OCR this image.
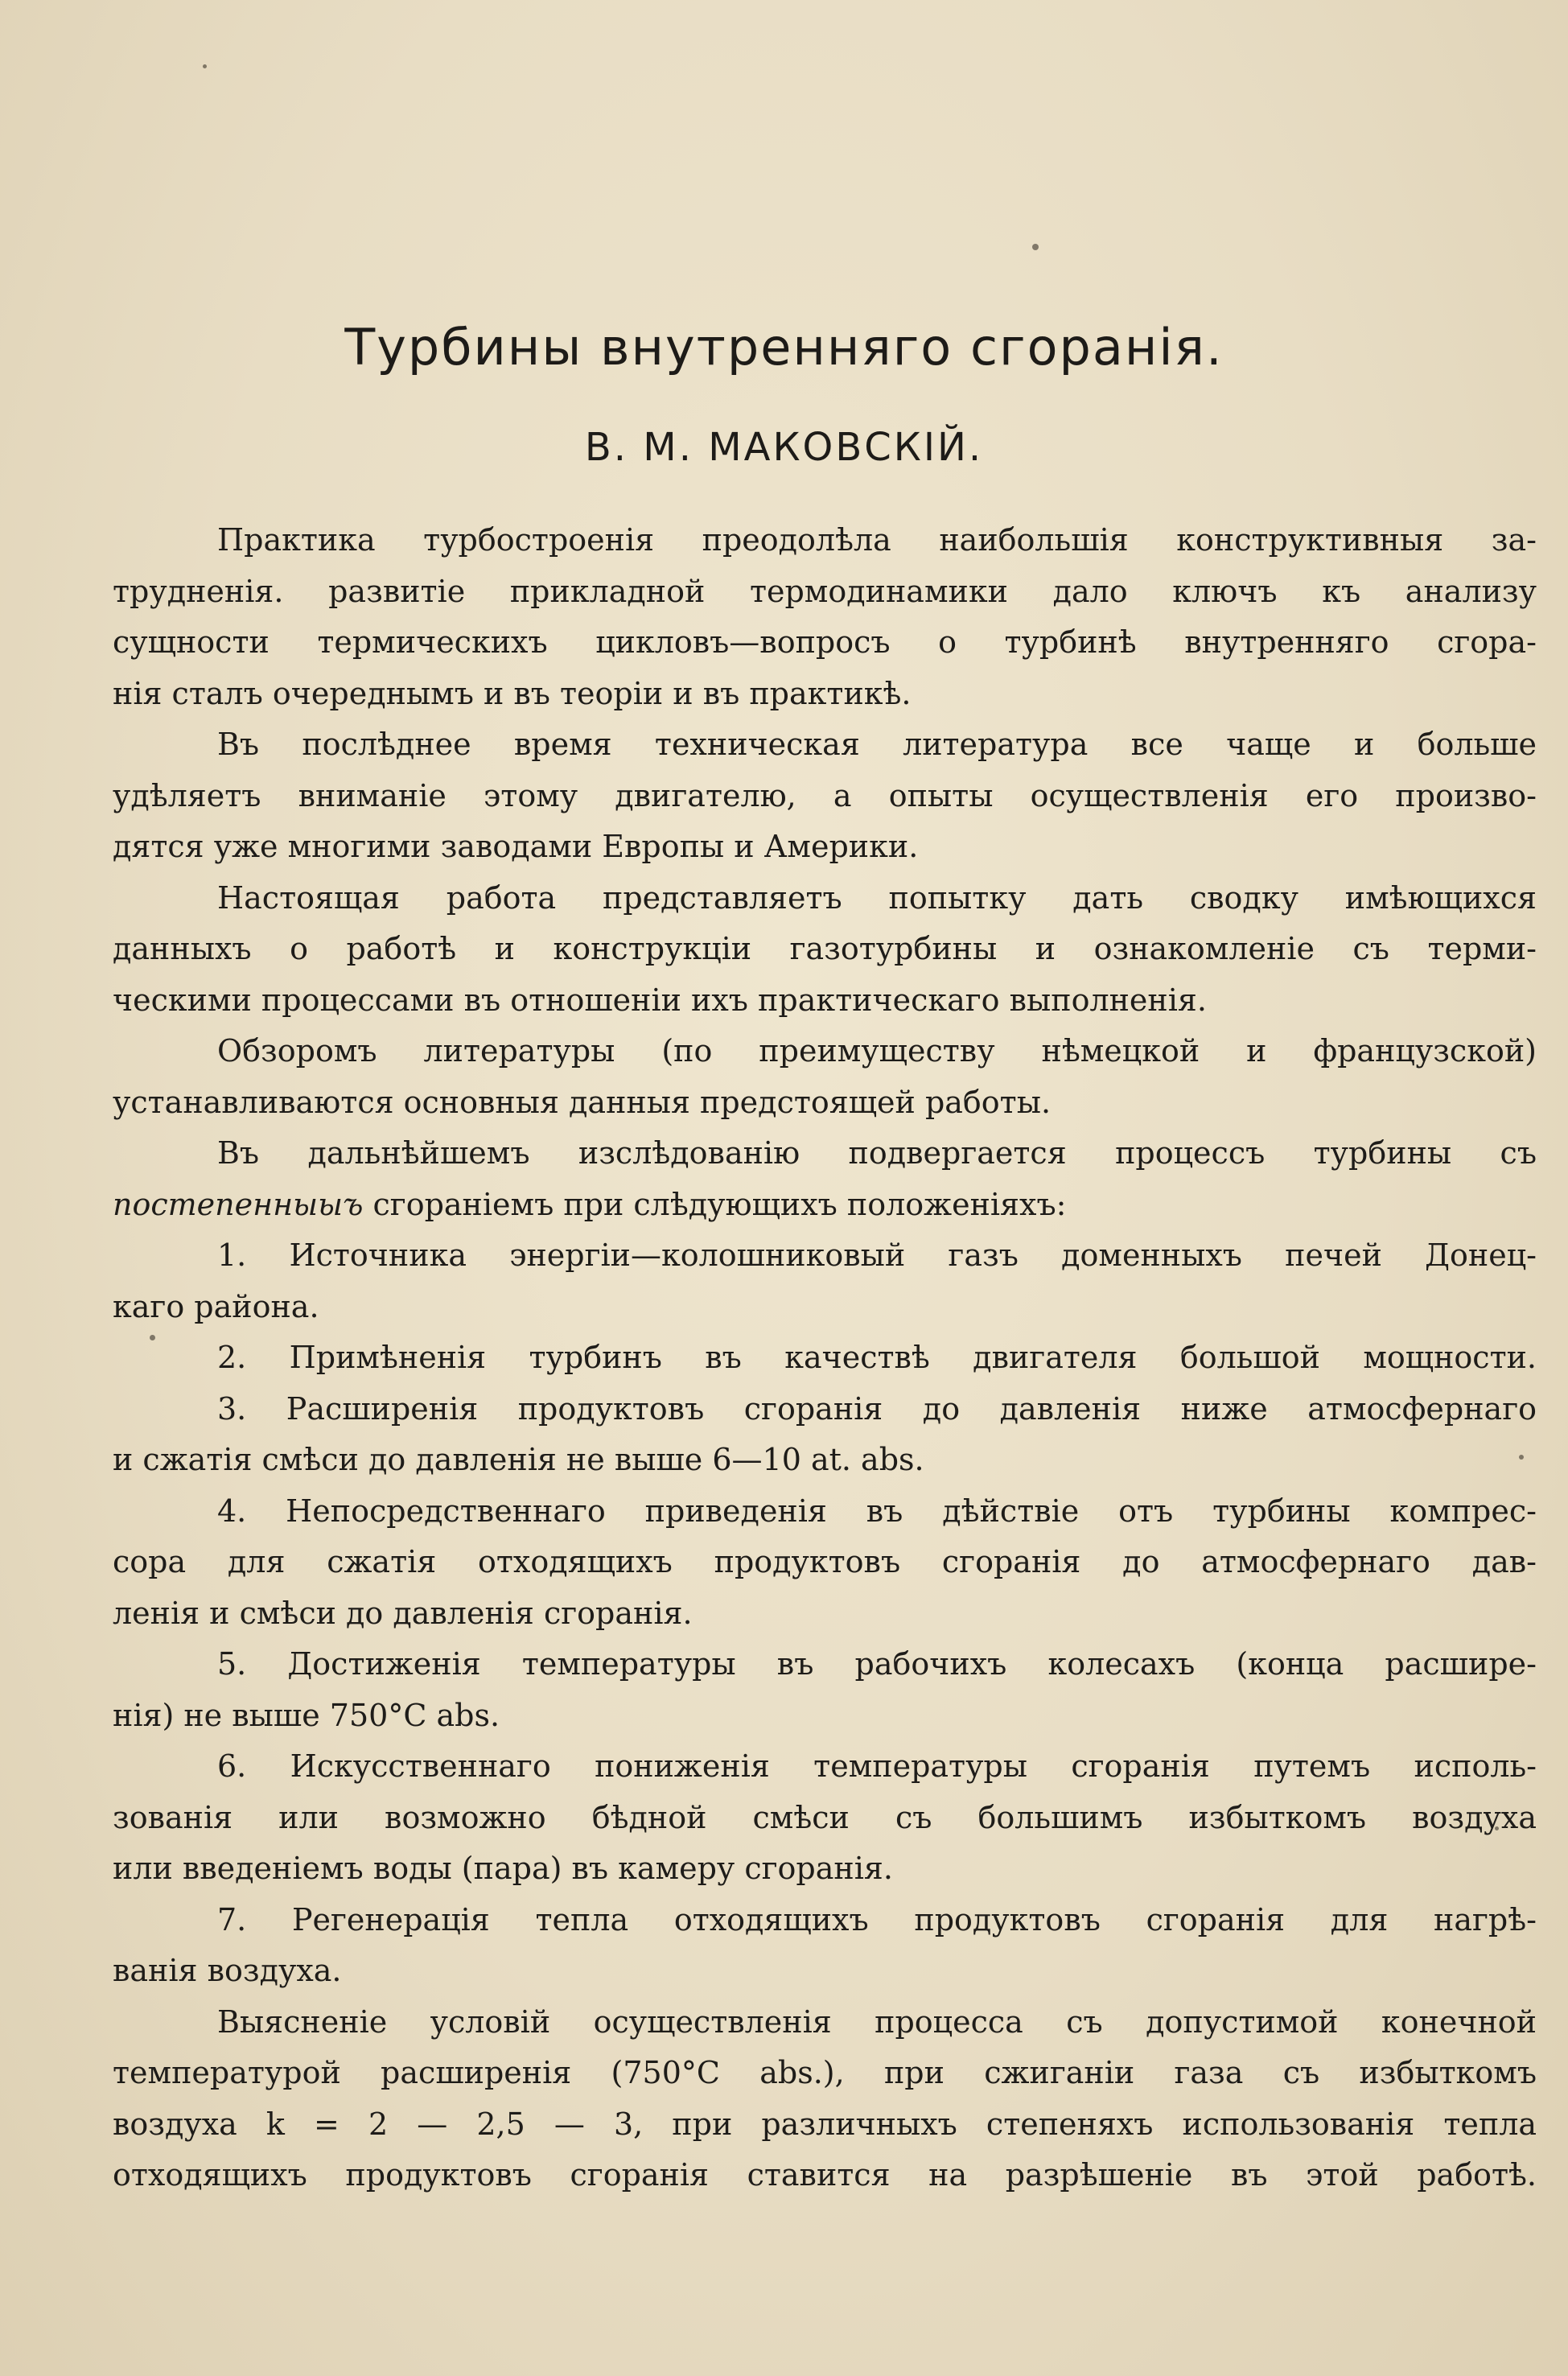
Турбины внутренняго сгоранія.
В. М. МАКОВСКІЙ.
Практика турбостроенія преодолѣла наибольшія конструктивныя за-
трудненія. развитіе прикладной термодинамики дало ключъ къ анализу
сущности термическихъ цикловъ—вопросъ о турбинѣ внутренняго сгора-
нія сталъ очереднымъ и въ теоріи и въ практикѣ.
Въ послѣднее время техническая литература все чаще и больше
удѣляетъ вниманіе этому двигателю, а опыты осуществленія его произво-
дятся уже многими заводами Европы и Америки.
Настоящая работа представляетъ попытку дать сводку имѣющихся
данныхъ о работѣ и конструкціи газотурбины и ознакомленіе съ терми-
ческими процессами въ отношеніи ихъ практическаго выполненія.
Обзоромъ литературы (по преимуществу нѣмецкой и французской)
устанавливаются основныя данныя предстоящей работы.
Въ дальнѣйшемъ изслѣдованію подвергается процессъ турбины съ
постепенныыъ сгораніемъ при слѣдующихъ положеніяхъ:
1. Источника энергіи—колошниковый газъ доменныхъ печей Донец-
каго района.
2. Примѣненія турбинъ въ качествѣ двигателя большой мощности.
3. Расширенія продуктовъ сгоранія до давленія ниже атмосфернаго
и сжатія смѣси до давленія не выше 6—10 at. abs.
4. Непосредственнаго приведенія въ дѣйствіе отъ турбины компрес-
сора для сжатія отходящихъ продуктовъ сгоранія до атмосфернаго дав-
ленія и смѣси до давленія сгоранія.
5. Достиженія температуры въ рабочихъ колесахъ (конца расшире-
нія) не выше 750°C abs.
6. Искусственнаго пониженія температуры сгоранія путемъ исполь-
зованія или возможно бѣдной смѣси съ большимъ избыткомъ воздуха
или введеніемъ воды (пара) въ камеру сгоранія.
7. Регенерація тепла отходящихъ продуктовъ сгоранія для нагрѣ-
ванія воздуха.
Выясненіе условій осуществленія процесса съ допустимой конечной
температурой расширенія (750°C abs.), при сжиганіи газа съ избыткомъ
воздуха k = 2 — 2,5 — 3, при различныхъ степеняхъ использованія тепла
отходящихъ продуктовъ сгоранія ставится на разрѣшеніе въ этой работѣ.
